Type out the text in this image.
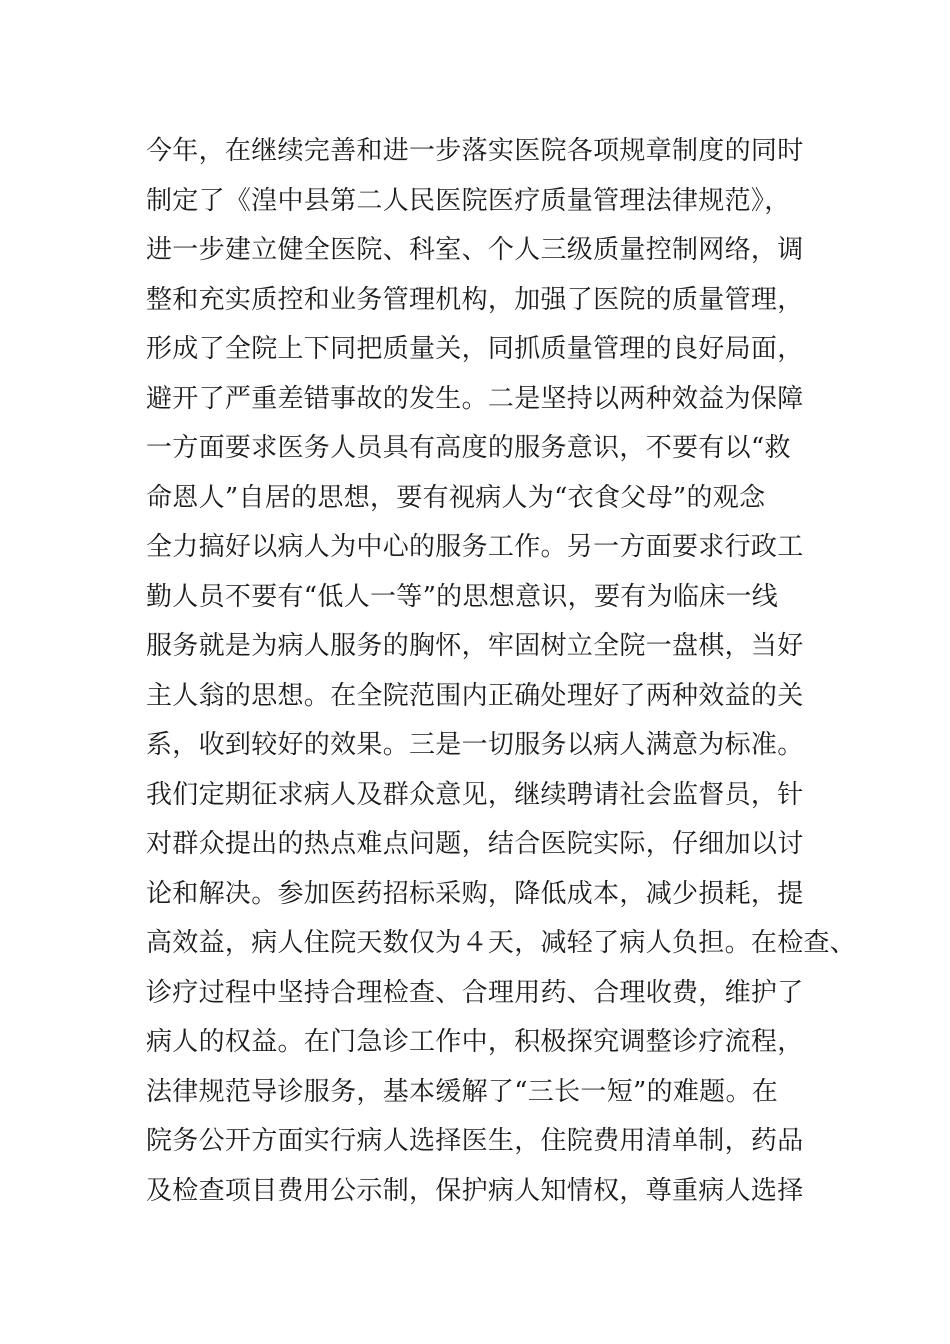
今年，在继续完善和进一步落实医院各项规章制度的同时
制定了《湟中县第二人民医院医疗质量管理法律规范》，
进一步建立健全医院、科室、个人三级质量控制网络，调
整和充实质控和业务管理机构，加强了医院的质量管理，
形成了全院上下同把质量关，同抓质量管理的良好局面，
避开了严重差错事故的发生。二是坚持以两种效益为保障
一方面要求医务人员具有高度的服务意识，不要有以“救
命恩人”自居的思想，要有视病人为“衣食父母”的观念
全力搞好以病人为中心的服务工作。另一方面要求行政工
勤人员不要有“低人一等”的思想意识，要有为临床一线
服务就是为病人服务的胸怀，牢固树立全院一盘棋，当好
主人翁的思想。在全院范围内正确处理好了两种效益的关
系，收到较好的效果。三是一切服务以病人满意为标准。
我们定期征求病人及群众意见，继续聘请社会监督员，针
对群众提出的热点难点问题，结合医院实际，仔细加以讨
论和解决。参加医药招标采购，降低成本，减少损耗，提
高效益，病人住院天数仅为４天，减轻了病人负担。在检查、
诊疗过程中坚持合理检查、合理用药、合理收费，维护了
病人的权益。在门急诊工作中，积极探究调整诊疗流程，
法律规范导诊服务，基本缓解了“三长一短”的难题。在
院务公开方面实行病人选择医生，住院费用清单制，药品
及检查项目费用公示制，保护病人知情权，尊重病人选择
